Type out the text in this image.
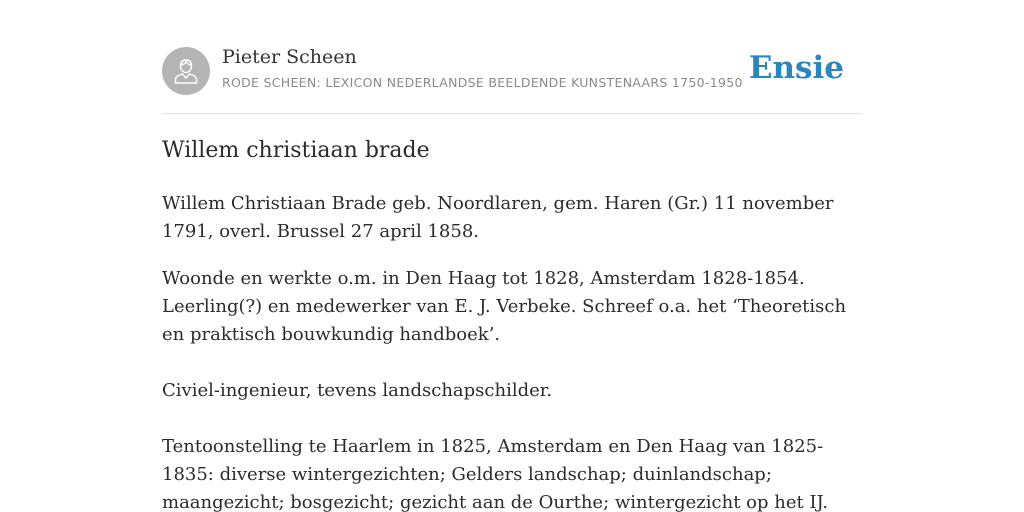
Pieter Scheen
RODE SCHEEN: LEXICON NEDERLANDSE BEELDENDE KUNSTENAARS 1750-1950 Ensie
Willem christiaan brade

Willem Christiaan Brade geb. Noordlaren, gem. Haren (Gr.) 11 november 1791, overl. Brussel 27 april 1858.

Woonde en werkte o.m. in Den Haag tot 1828, Amsterdam 1828-1854. Leerling(?) en medewerker van E. J. Verbeke. Schreef o.a. het ‘Theoretisch en praktisch bouwkundig handboek’.

Civiel-ingenieur, tevens landschapschilder.

Tentoonstelling te Haarlem in 1825, Amsterdam en Den Haag van 1825-1835: diverse wintergezichten; Gelders landschap; duinlandschap; maangezicht; bosgezicht; gezicht aan de Ourthe; wintergezicht op het IJ.
